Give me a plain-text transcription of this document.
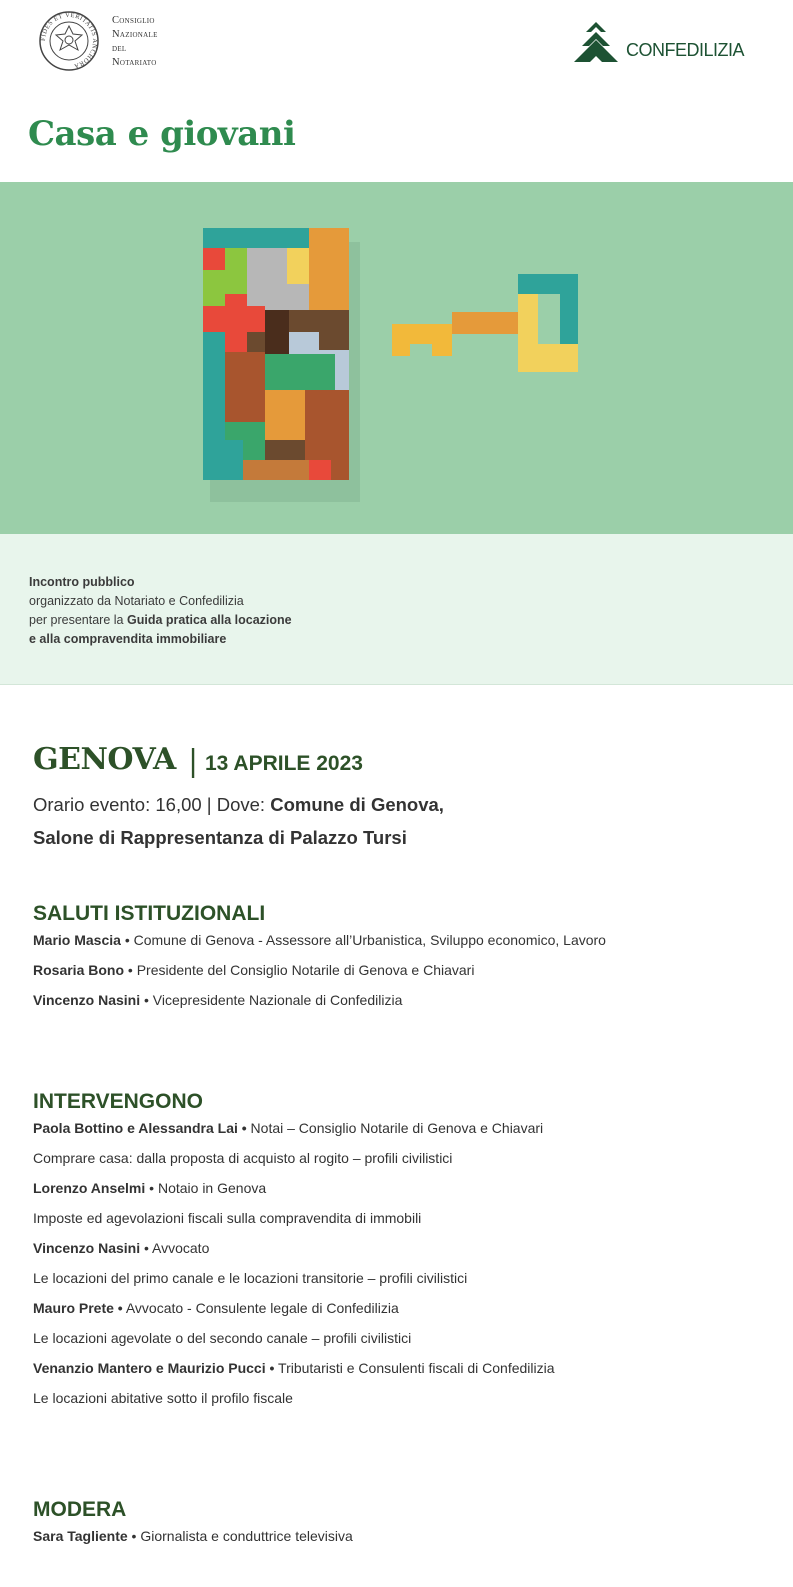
FIDES ET VERITATIS ANCHORA
Consiglio
Nazionale
del
Notariato
CONFEDILIZIA
Casa e giovani
Incontro pubblico
organizzato da Notariato e Confedilizia
per presentare la Guida pratica alla locazione
e alla compravendita immobiliare
GENOVA | 13 APRILE 2023
Orario evento: 16,00 | Dove: Comune di Genova,
Salone di Rappresentanza di Palazzo Tursi
SALUTI ISTITUZIONALI
Mario Mascia • Comune di Genova - Assessore all’Urbanistica, Sviluppo economico, Lavoro
Rosaria Bono • Presidente del Consiglio Notarile di Genova e Chiavari
Vincenzo Nasini • Vicepresidente Nazionale di Confedilizia
INTERVENGONO
Paola Bottino e Alessandra Lai • Notai – Consiglio Notarile di Genova e Chiavari
Comprare casa: dalla proposta di acquisto al rogito – profili civilistici
Lorenzo Anselmi • Notaio in Genova
Imposte ed agevolazioni fiscali sulla compravendita di immobili
Vincenzo Nasini • Avvocato
Le locazioni del primo canale e le locazioni transitorie – profili civilistici
Mauro Prete • Avvocato - Consulente legale di Confedilizia
Le locazioni agevolate o del secondo canale – profili civilistici
Venanzio Mantero e Maurizio Pucci • Tributaristi e Consulenti fiscali di Confedilizia
Le locazioni abitative sotto il profilo fiscale
MODERA
Sara Tagliente • Giornalista e conduttrice televisiva
